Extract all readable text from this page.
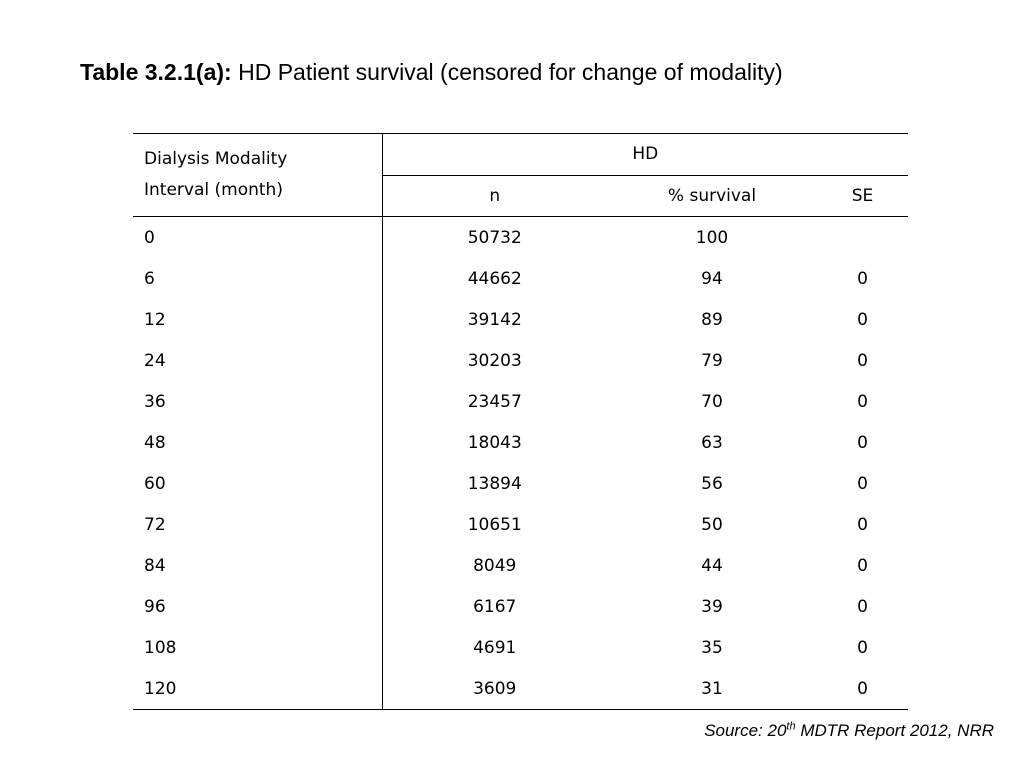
Table 3.2.1(a): HD Patient survival (censored for change of modality)
Dialysis Modality
Interval (month)	HD		
	n	% survival	SE
0	50732	100	
6	44662	94	0
12	39142	89	0
24	30203	79	0
36	23457	70	0
48	18043	63	0
60	13894	56	0
72	10651	50	0
84	8049	44	0
96	6167	39	0
108	4691	35	0
120	3609	31	0
Source: 20th MDTR Report 2012, NRR
